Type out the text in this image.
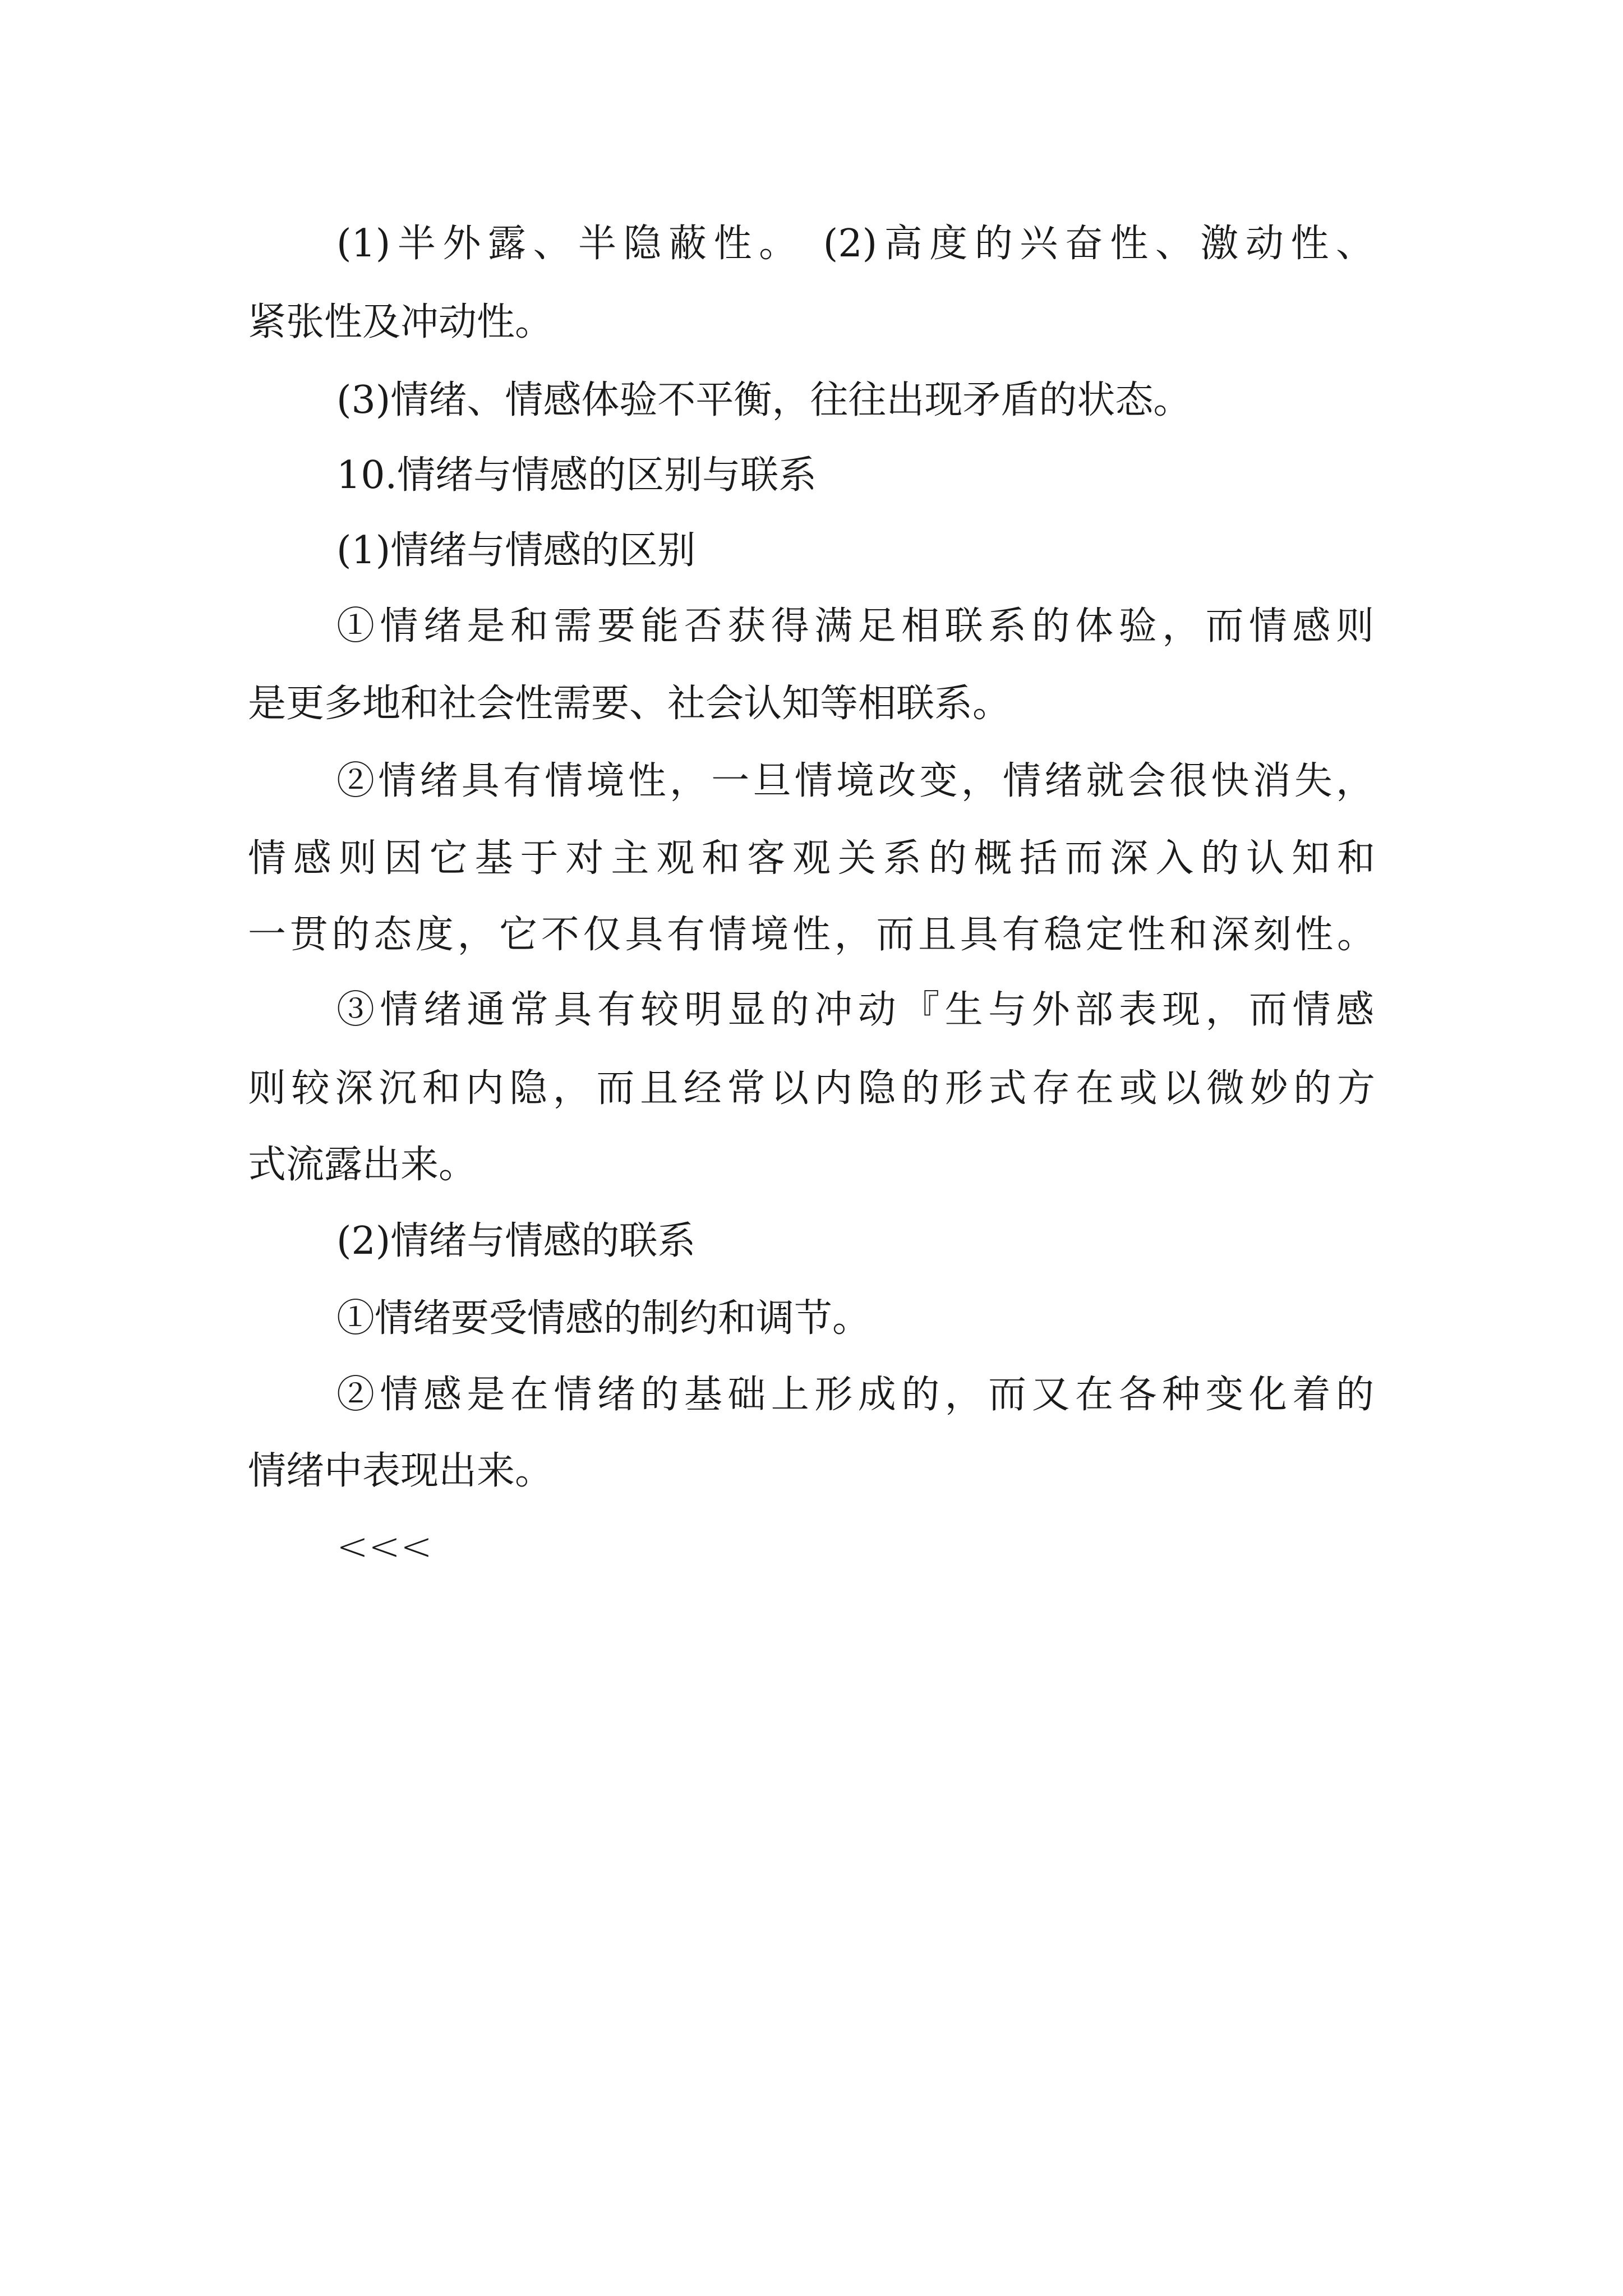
(1)半外露、半隐蔽性。 (2)高度的兴奋性、激动性、
紧张性及冲动性。
(3)情绪、情感体验不平衡，往往出现矛盾的状态。
10.情绪与情感的区别与联系
(1)情绪与情感的区别
①情绪是和需要能否获得满足相联系的体验，而情感则
是更多地和社会性需要、社会认知等相联系。
②情绪具有情境性，一旦情境改变，情绪就会很快消失，
情感则因它基于对主观和客观关系的概括而深入的认知和
一贯的态度，它不仅具有情境性，而且具有稳定性和深刻性。
③情绪通常具有较明显的冲动『生与外部表现，而情感
则较深沉和内隐，而且经常以内隐的形式存在或以微妙的方
式流露出来。
(2)情绪与情感的联系
①情绪要受情感的制约和调节。
②情感是在情绪的基础上形成的，而又在各种变化着的
情绪中表现出来。
<<<
